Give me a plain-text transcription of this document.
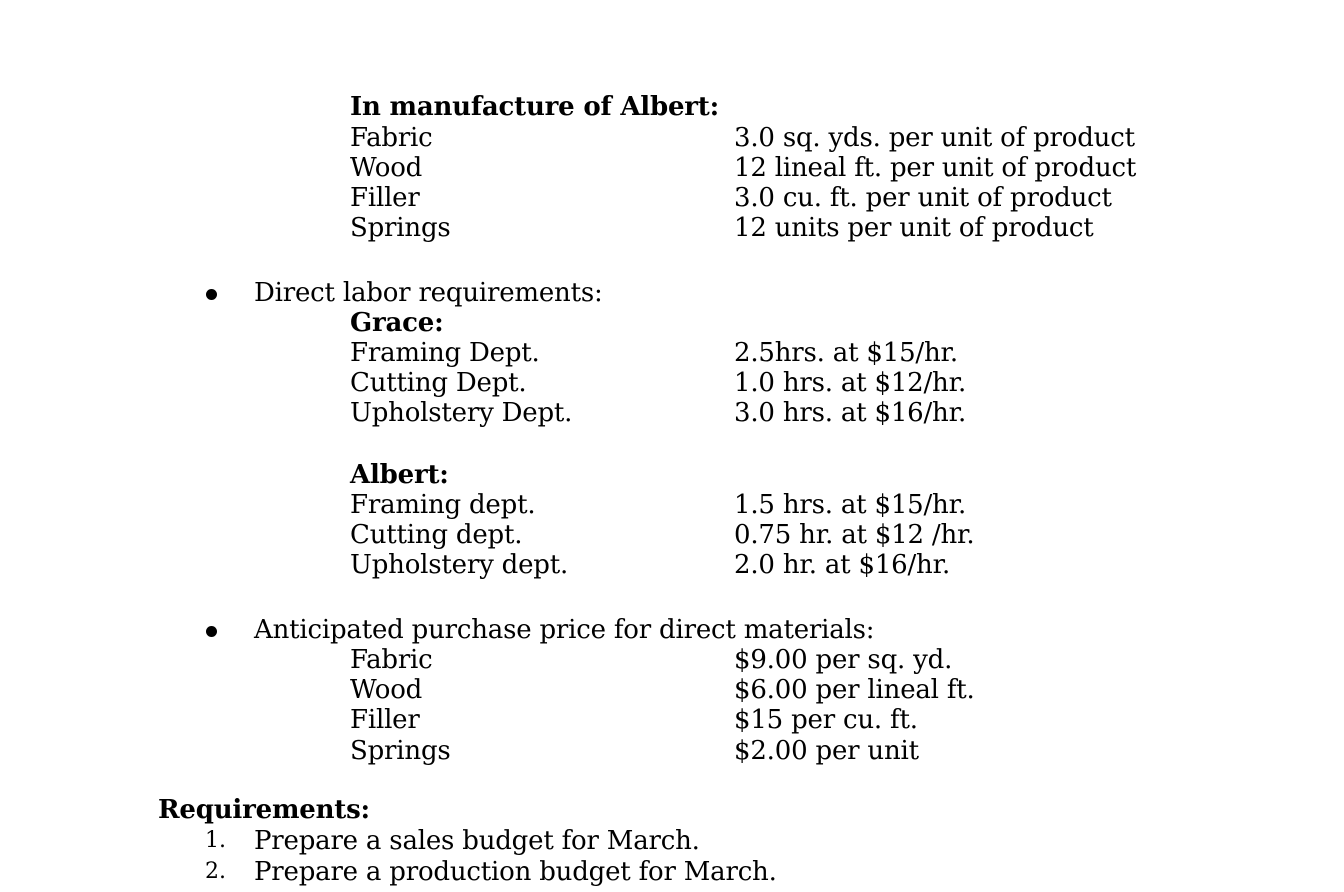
In manufacture of Albert:
Fabric	3.0 sq. yds. per unit of product
Wood	12 lineal ft. per unit of product
Filler	3.0 cu. ft. per unit of product
Springs	12 units per unit of product
Direct labor requirements:
Grace:
Framing Dept.	2.5hrs. at $15/hr.
Cutting Dept.	1.0 hrs. at $12/hr.
Upholstery Dept.	3.0 hrs. at $16/hr.
Albert:
Framing dept.	1.5 hrs. at $15/hr.
Cutting dept.	0.75 hr. at $12 /hr.
Upholstery dept.	2.0 hr. at $16/hr.
Anticipated purchase price for direct materials:
Fabric	$9.00 per sq. yd.
Wood	$6.00 per lineal ft.
Filler	$15 per cu. ft.
Springs	$2.00 per unit
Requirements:
1. Prepare a sales budget for March.
2. Prepare a production budget for March.
